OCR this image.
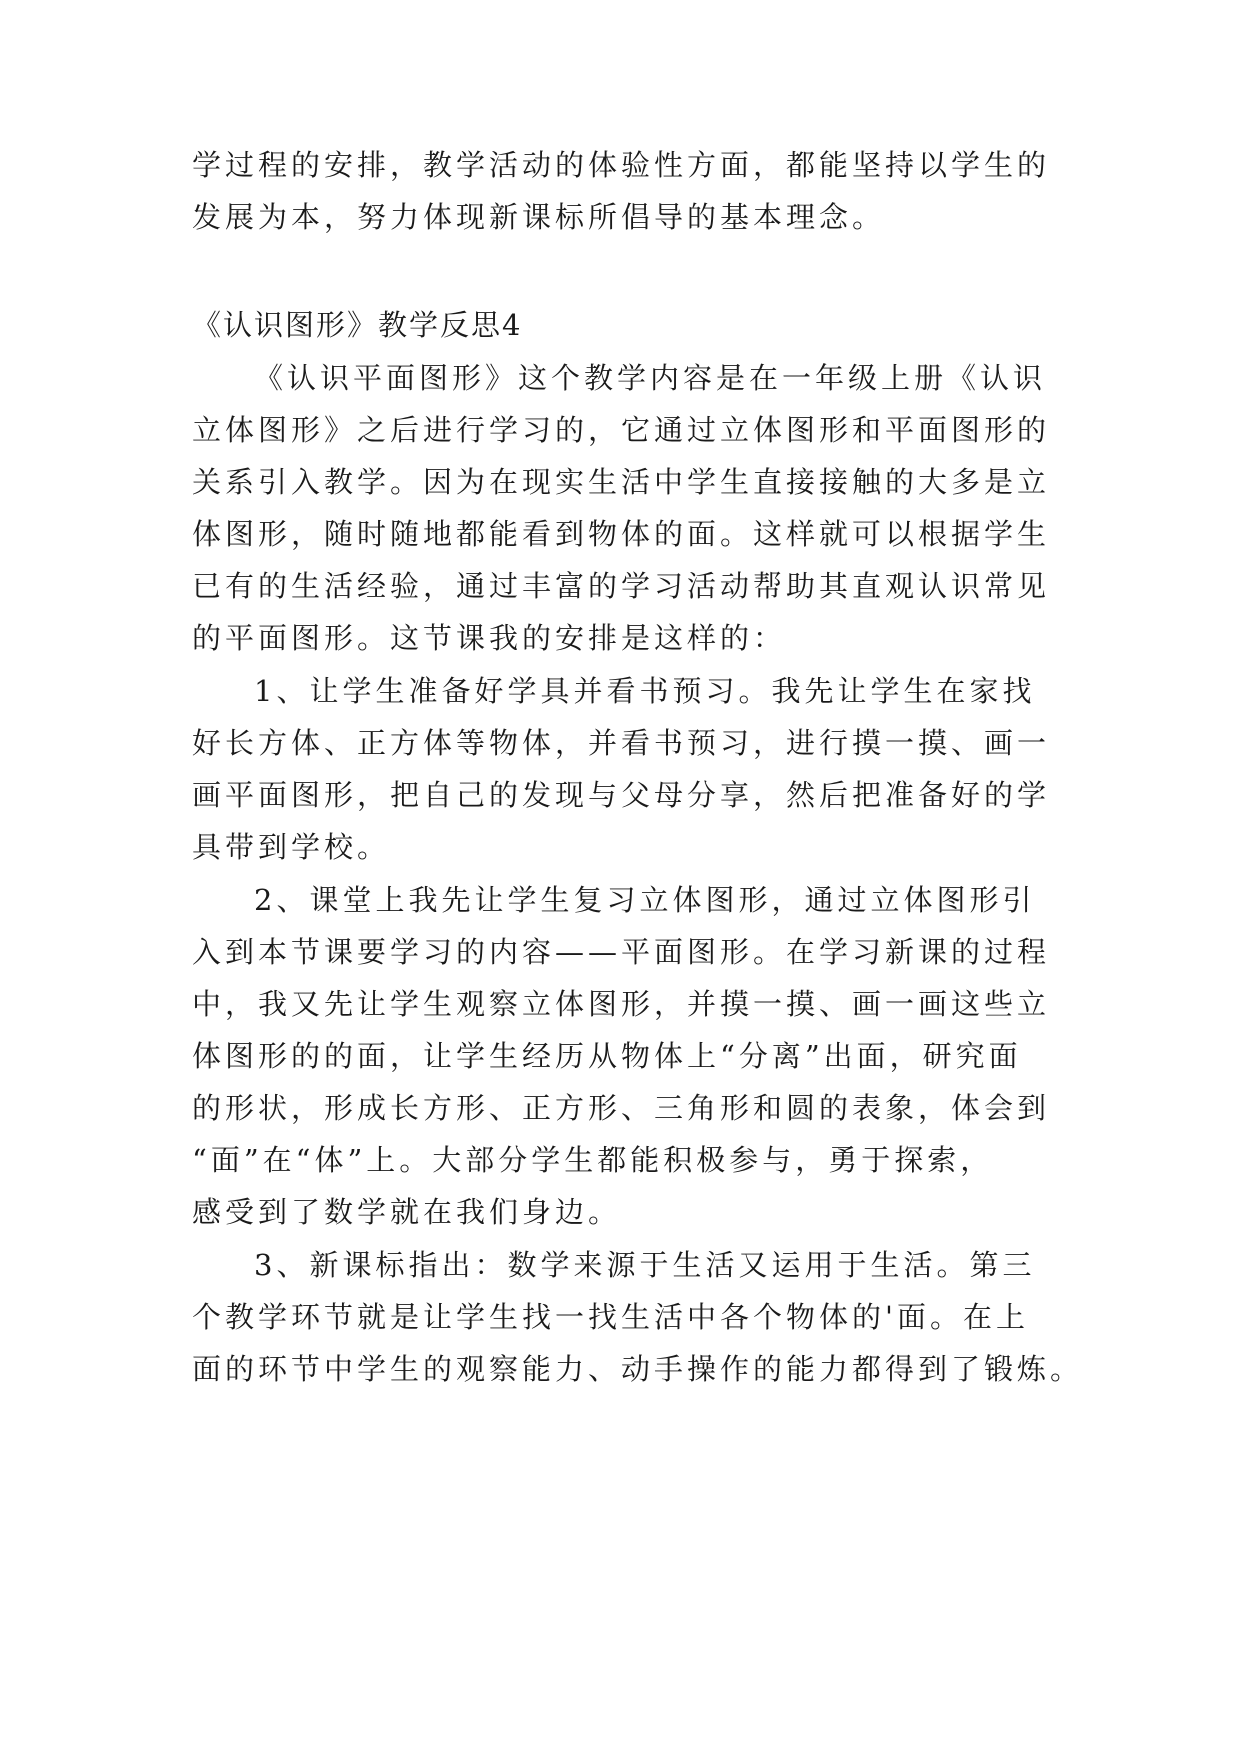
学过程的安排，教学活动的体验性方面，都能坚持以学生的
发展为本，努力体现新课标所倡导的基本理念。
《认识图形》教学反思4
《认识平面图形》这个教学内容是在一年级上册《认识
立体图形》之后进行学习的，它通过立体图形和平面图形的
关系引入教学。因为在现实生活中学生直接接触的大多是立
体图形，随时随地都能看到物体的面。这样就可以根据学生
已有的生活经验，通过丰富的学习活动帮助其直观认识常见
的平面图形。这节课我的安排是这样的：
1、让学生准备好学具并看书预习。我先让学生在家找
好长方体、正方体等物体，并看书预习，进行摸一摸、画一
画平面图形，把自己的发现与父母分享，然后把准备好的学
具带到学校。
2、课堂上我先让学生复习立体图形，通过立体图形引
入到本节课要学习的内容——平面图形。在学习新课的过程
中，我又先让学生观察立体图形，并摸一摸、画一画这些立
体图形的的面，让学生经历从物体上“分离”出面，研究面
的形状，形成长方形、正方形、三角形和圆的表象，体会到
“面”在“体”上。大部分学生都能积极参与，勇于探索，
感受到了数学就在我们身边。
3、新课标指出：数学来源于生活又运用于生活。第三
个教学环节就是让学生找一找生活中各个物体的'面。在上
面的环节中学生的观察能力、动手操作的能力都得到了锻炼。
